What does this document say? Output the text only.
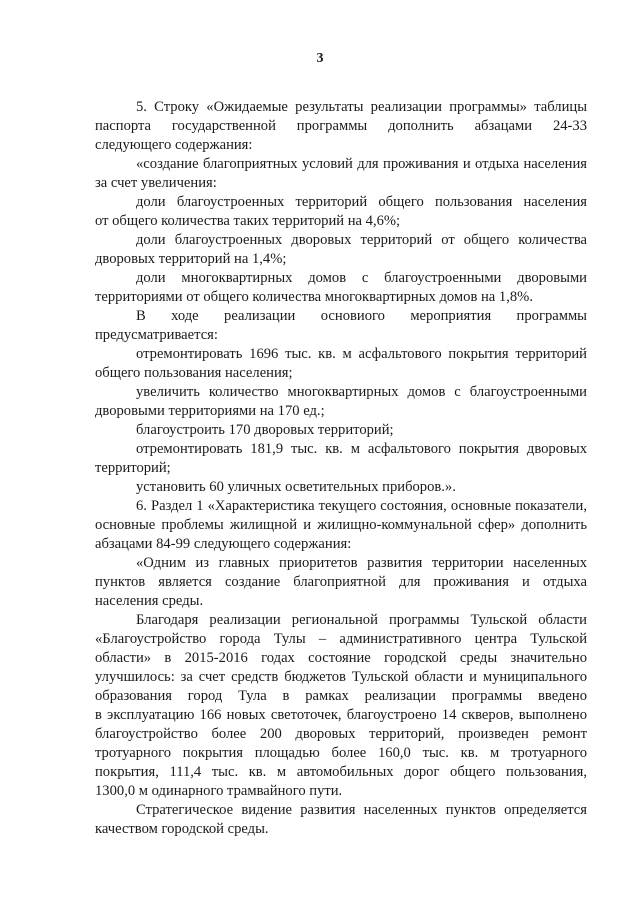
3
5. Строку «Ожидаемые результаты реализации программы» таблицы
паспорта государственной программы дополнить абзацами 24-33
следующего содержания:
«создание благоприятных условий для проживания и отдыха населения
за счет увеличения:
доли благоустроенных территорий общего пользования населения
от общего количества таких территорий на 4,6%;
доли благоустроенных дворовых территорий от общего количества
дворовых территорий на 1,4%;
доли многоквартирных домов с благоустроенными дворовыми
территориями от общего количества многоквартирных домов на 1,8%.
В ходе реализации основиого мероприятия программы
предусматривается:
отремонтировать 1696 тыс. кв. м асфальтового покрытия территорий
общего пользования населения;
увеличить количество многоквартирных домов с благоустроенными
дворовыми территориями на 170 ед.;
благоустроить 170 дворовых территорий;
отремонтировать 181,9 тыс. кв. м асфальтового покрытия дворовых
территорий;
установить 60 уличных осветительных приборов.».
6. Раздел 1 «Характеристика текущего состояния, основные показатели,
основные проблемы жилищной и жилищно-коммунальной сфер» дополнить
абзацами 84-99 следующего содержания:
«Одним из главных приоритетов развития территории населенных
пунктов является создание благоприятной для проживания и отдыха
населения среды.
Благодаря реализации региональной программы Тульской области
«Благоустройство города Тулы – административного центра Тульской
области» в 2015-2016 годах состояние городской среды значительно
улучшилось: за счет средств бюджетов Тульской области и муниципального
образования город Тула в рамках реализации программы введено
в эксплуатацию 166 новых светоточек, благоустроено 14 скверов, выполнено
благоустройство более 200 дворовых территорий, произведен ремонт
тротуарного покрытия площадью более 160,0 тыс. кв. м тротуарного
покрытия, 111,4 тыс. кв. м автомобильных дорог общего пользования,
1300,0 м одинарного трамвайного пути.
Стратегическое видение развития населенных пунктов определяется
качеством городской среды.
